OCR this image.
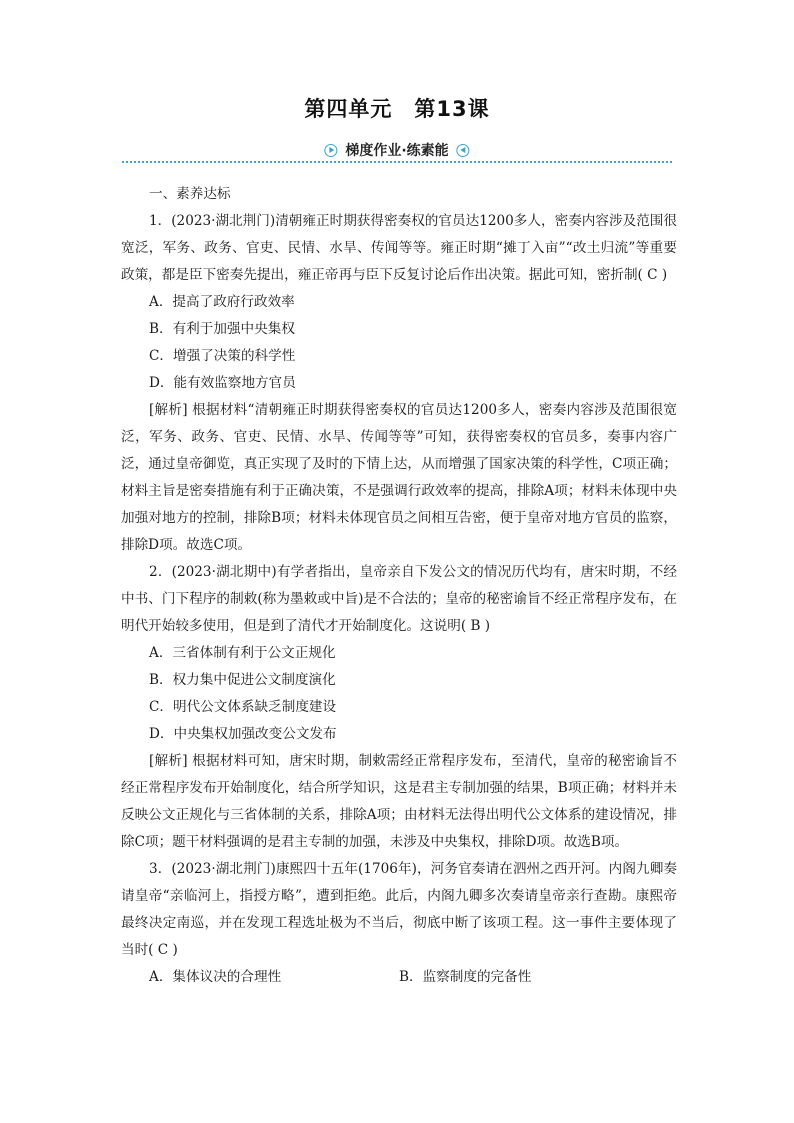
第四单元 第13课
梯度作业·练素能

一、素养达标

1．(2023·湖北荆门)清朝雍正时期获得密奏权的官员达1200多人，密奏内容涉及范围很宽泛，军务、政务、官吏、民情、水旱、传闻等等。雍正时期“摊丁入亩”“改土归流”等重要政策，都是臣下密奏先提出，雍正帝再与臣下反复讨论后作出决策。据此可知，密折制( C )

A．提高了政府行政效率

B．有利于加强中央集权

C．增强了决策的科学性

D．能有效监察地方官员

[解析] 根据材料“清朝雍正时期获得密奏权的官员达1200多人，密奏内容涉及范围很宽泛，军务、政务、官吏、民情、水旱、传闻等等”可知，获得密奏权的官员多，奏事内容广泛，通过皇帝御览，真正实现了及时的下情上达，从而增强了国家决策的科学性，C项正确；材料主旨是密奏措施有利于正确决策，不是强调行政效率的提高，排除A项；材料未体现中央加强对地方的控制，排除B项；材料未体现官员之间相互告密，便于皇帝对地方官员的监察，排除D项。故选C项。

2．(2023·湖北期中)有学者指出，皇帝亲自下发公文的情况历代均有，唐宋时期，不经中书、门下程序的制敕(称为墨敕或中旨)是不合法的；皇帝的秘密谕旨不经正常程序发布，在明代开始较多使用，但是到了清代才开始制度化。这说明( B )

A．三省体制有利于公文正规化

B．权力集中促进公文制度演化

C．明代公文体系缺乏制度建设

D．中央集权加强改变公文发布

[解析] 根据材料可知，唐宋时期，制敕需经正常程序发布，至清代，皇帝的秘密谕旨不经正常程序发布开始制度化，结合所学知识，这是君主专制加强的结果，B项正确；材料并未反映公文正规化与三省体制的关系，排除A项；由材料无法得出明代公文体系的建设情况，排除C项；题干材料强调的是君主专制的加强，未涉及中央集权，排除D项。故选B项。

3．(2023·湖北荆门)康熙四十五年(1706年)，河务官奏请在泗州之西开河。内阁九卿奏请皇帝“亲临河上，指授方略”，遭到拒绝。此后，内阁九卿多次奏请皇帝亲行查勘。康熙帝最终决定南巡，并在发现工程选址极为不当后，彻底中断了该项工程。这一事件主要体现了当时( C )

A．集体议决的合理性	B．监察制度的完备性
